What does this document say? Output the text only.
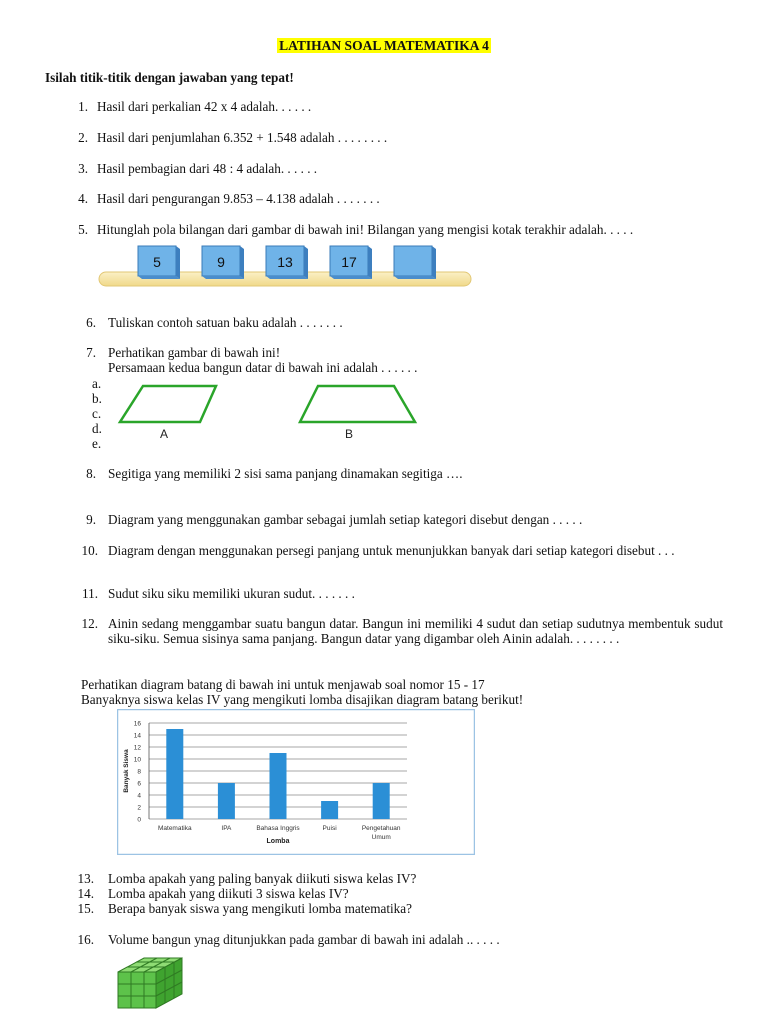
LATIHAN SOAL MATEMATIKA 4
Isilah titik-titik dengan jawaban yang tepat!
1. Hasil dari perkalian 42 x 4 adalah. . . . . .
2. Hasil dari penjumlahan 6.352 + 1.548 adalah . . . . . . . .
3. Hasil pembagian dari 48 : 4 adalah. . . . . .
4. Hasil dari pengurangan 9.853 – 4.138 adalah . . . . . . .
5. Hitunglah pola bilangan dari gambar di bawah ini! Bilangan yang mengisi kotak terakhir adalah. . . . .
5	9	13	17
6. Tuliskan contoh satuan baku adalah . . . . . . .
7. Perhatikan gambar di bawah ini!
Persamaan kedua bangun datar di bawah ini adalah . . . . . .
a.
b.
c.
d.
e.
A	B
8. Segitiga yang memiliki 2 sisi sama panjang dinamakan segitiga ….
9. Diagram yang menggunakan gambar sebagai jumlah setiap kategori disebut dengan . . . . .
10. Diagram dengan menggunakan persegi panjang untuk menunjukkan banyak dari setiap kategori disebut . . .
11. Sudut siku siku memiliki ukuran sudut. . . . . . .
12. Ainin sedang menggambar suatu bangun datar. Bangun ini memiliki 4 sudut dan setiap sudutnya membentuk sudut siku-siku. Semua sisinya sama panjang. Bangun datar yang digambar oleh Ainin adalah. . . . . . . .
Perhatikan diagram batang di bawah ini untuk menjawab soal nomor 15 - 17
Banyaknya siswa kelas IV yang mengikuti lomba disajikan diagram batang berikut!
0
2
4
6
8
10
12
14
16
Matematika	IPA	Bahasa Inggris	Puisi	Pengetahuan
Umum
Lomba
Banyak Siswa
13. Lomba apakah yang paling banyak diikuti siswa kelas IV?
14. Lomba apakah yang diikuti 3 siswa kelas IV?
15. Berapa banyak siswa yang mengikuti lomba matematika?
16. Volume bangun ynag ditunjukkan pada gambar di bawah ini adalah .. . . . .
